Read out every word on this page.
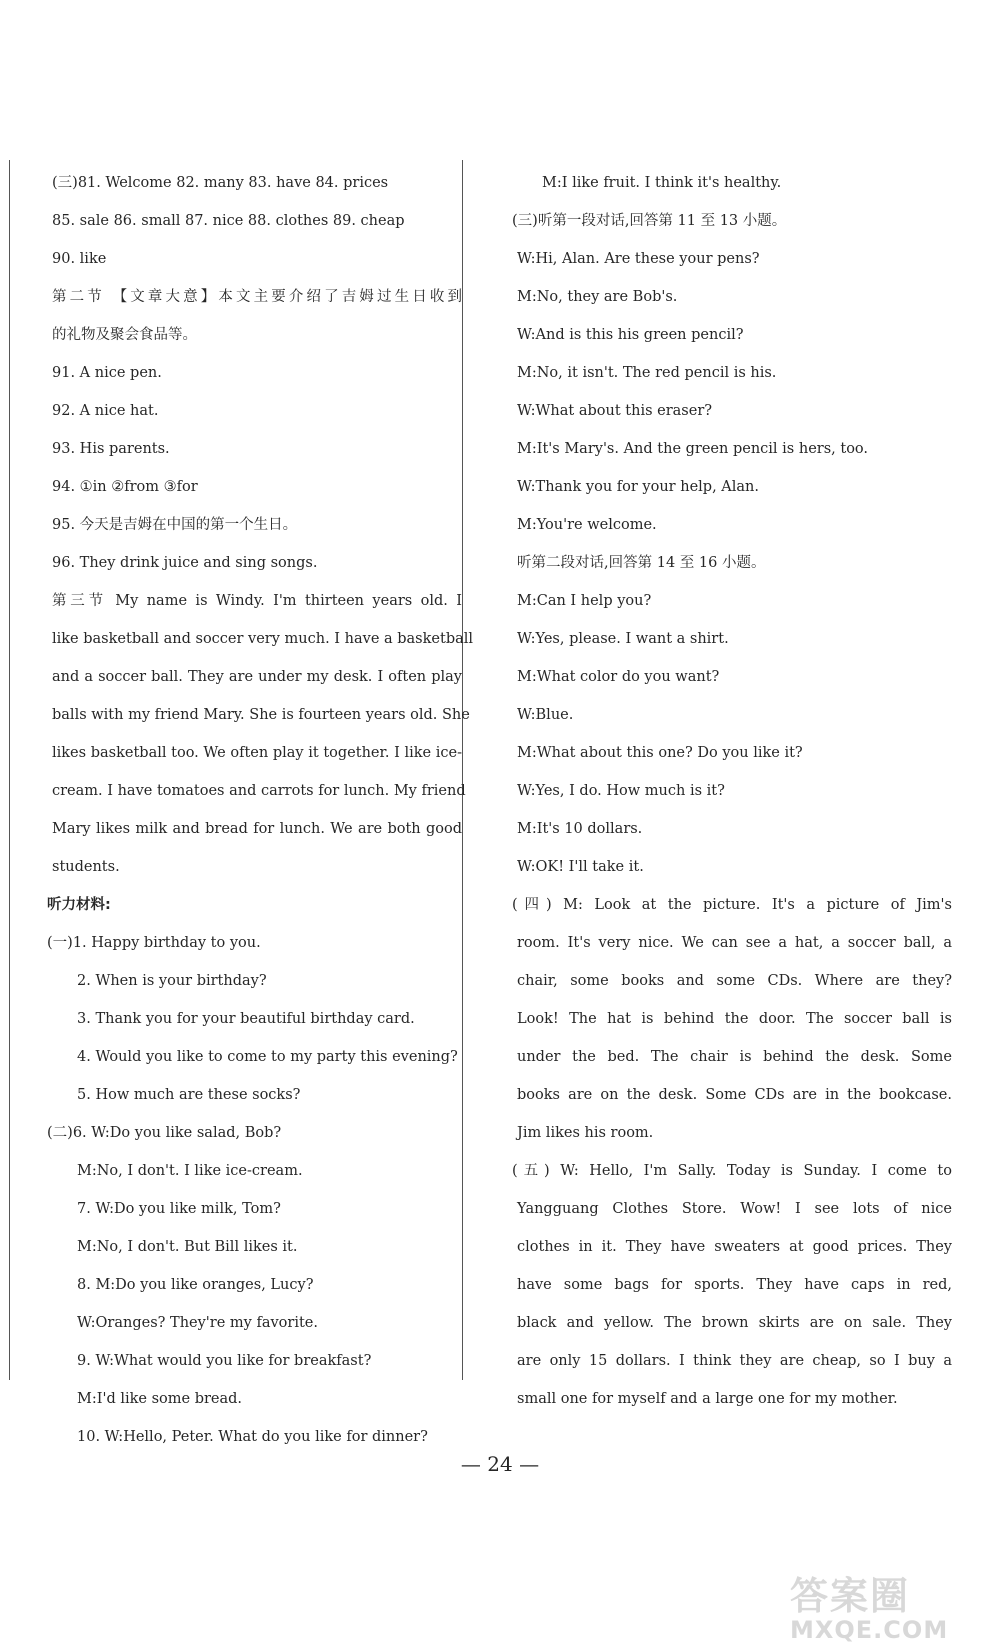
(三)81. Welcome 82. many 83. have 84. prices
85. sale 86. small 87. nice 88. clothes 89. cheap
90. like
第二节 【文章大意】本文主要介绍了吉姆过生日收到
的礼物及聚会食品等。
91. A nice pen.
92. A nice hat.
93. His parents.
94. ①in ②from ③for
95. 今天是吉姆在中国的第一个生日。
96. They drink juice and sing songs.
第三节 My name is Windy. I'm thirteen years old. I
like basketball and soccer very much. I have a basketball
and a soccer ball. They are under my desk. I often play
balls with my friend Mary. She is fourteen years old. She
likes basketball too. We often play it together. I like ice-
cream. I have tomatoes and carrots for lunch. My friend
Mary likes milk and bread for lunch. We are both good
students.
听力材料:
(一)1. Happy birthday to you.
2. When is your birthday?
3. Thank you for your beautiful birthday card.
4. Would you like to come to my party this evening?
5. How much are these socks?
(二)6. W:Do you like salad, Bob?
M:No, I don't. I like ice-cream.
7. W:Do you like milk, Tom?
M:No, I don't. But Bill likes it.
8. M:Do you like oranges, Lucy?
W:Oranges? They're my favorite.
9. W:What would you like for breakfast?
M:I'd like some bread.
10. W:Hello, Peter. What do you like for dinner?
M:I like fruit. I think it's healthy.
(三)听第一段对话,回答第 11 至 13 小题。
W:Hi, Alan. Are these your pens?
M:No, they are Bob's.
W:And is this his green pencil?
M:No, it isn't. The red pencil is his.
W:What about this eraser?
M:It's Mary's. And the green pencil is hers, too.
W:Thank you for your help, Alan.
M:You're welcome.
听第二段对话,回答第 14 至 16 小题。
M:Can I help you?
W:Yes, please. I want a shirt.
M:What color do you want?
W:Blue.
M:What about this one? Do you like it?
W:Yes, I do. How much is it?
M:It's 10 dollars.
W:OK! I'll take it.
(四) M: Look at the picture. It's a picture of Jim's
room. It's very nice. We can see a hat, a soccer ball, a
chair, some books and some CDs. Where are they?
Look! The hat is behind the door. The soccer ball is
under the bed. The chair is behind the desk. Some
books are on the desk. Some CDs are in the bookcase.
Jim likes his room.
(五) W: Hello, I'm Sally. Today is Sunday. I come to
Yangguang Clothes Store. Wow! I see lots of nice
clothes in it. They have sweaters at good prices. They
have some bags for sports. They have caps in red,
black and yellow. The brown skirts are on sale. They
are only 15 dollars. I think they are cheap, so I buy a
small one for myself and a large one for my mother.
— 24 —
答案圈
MXQE.COM
